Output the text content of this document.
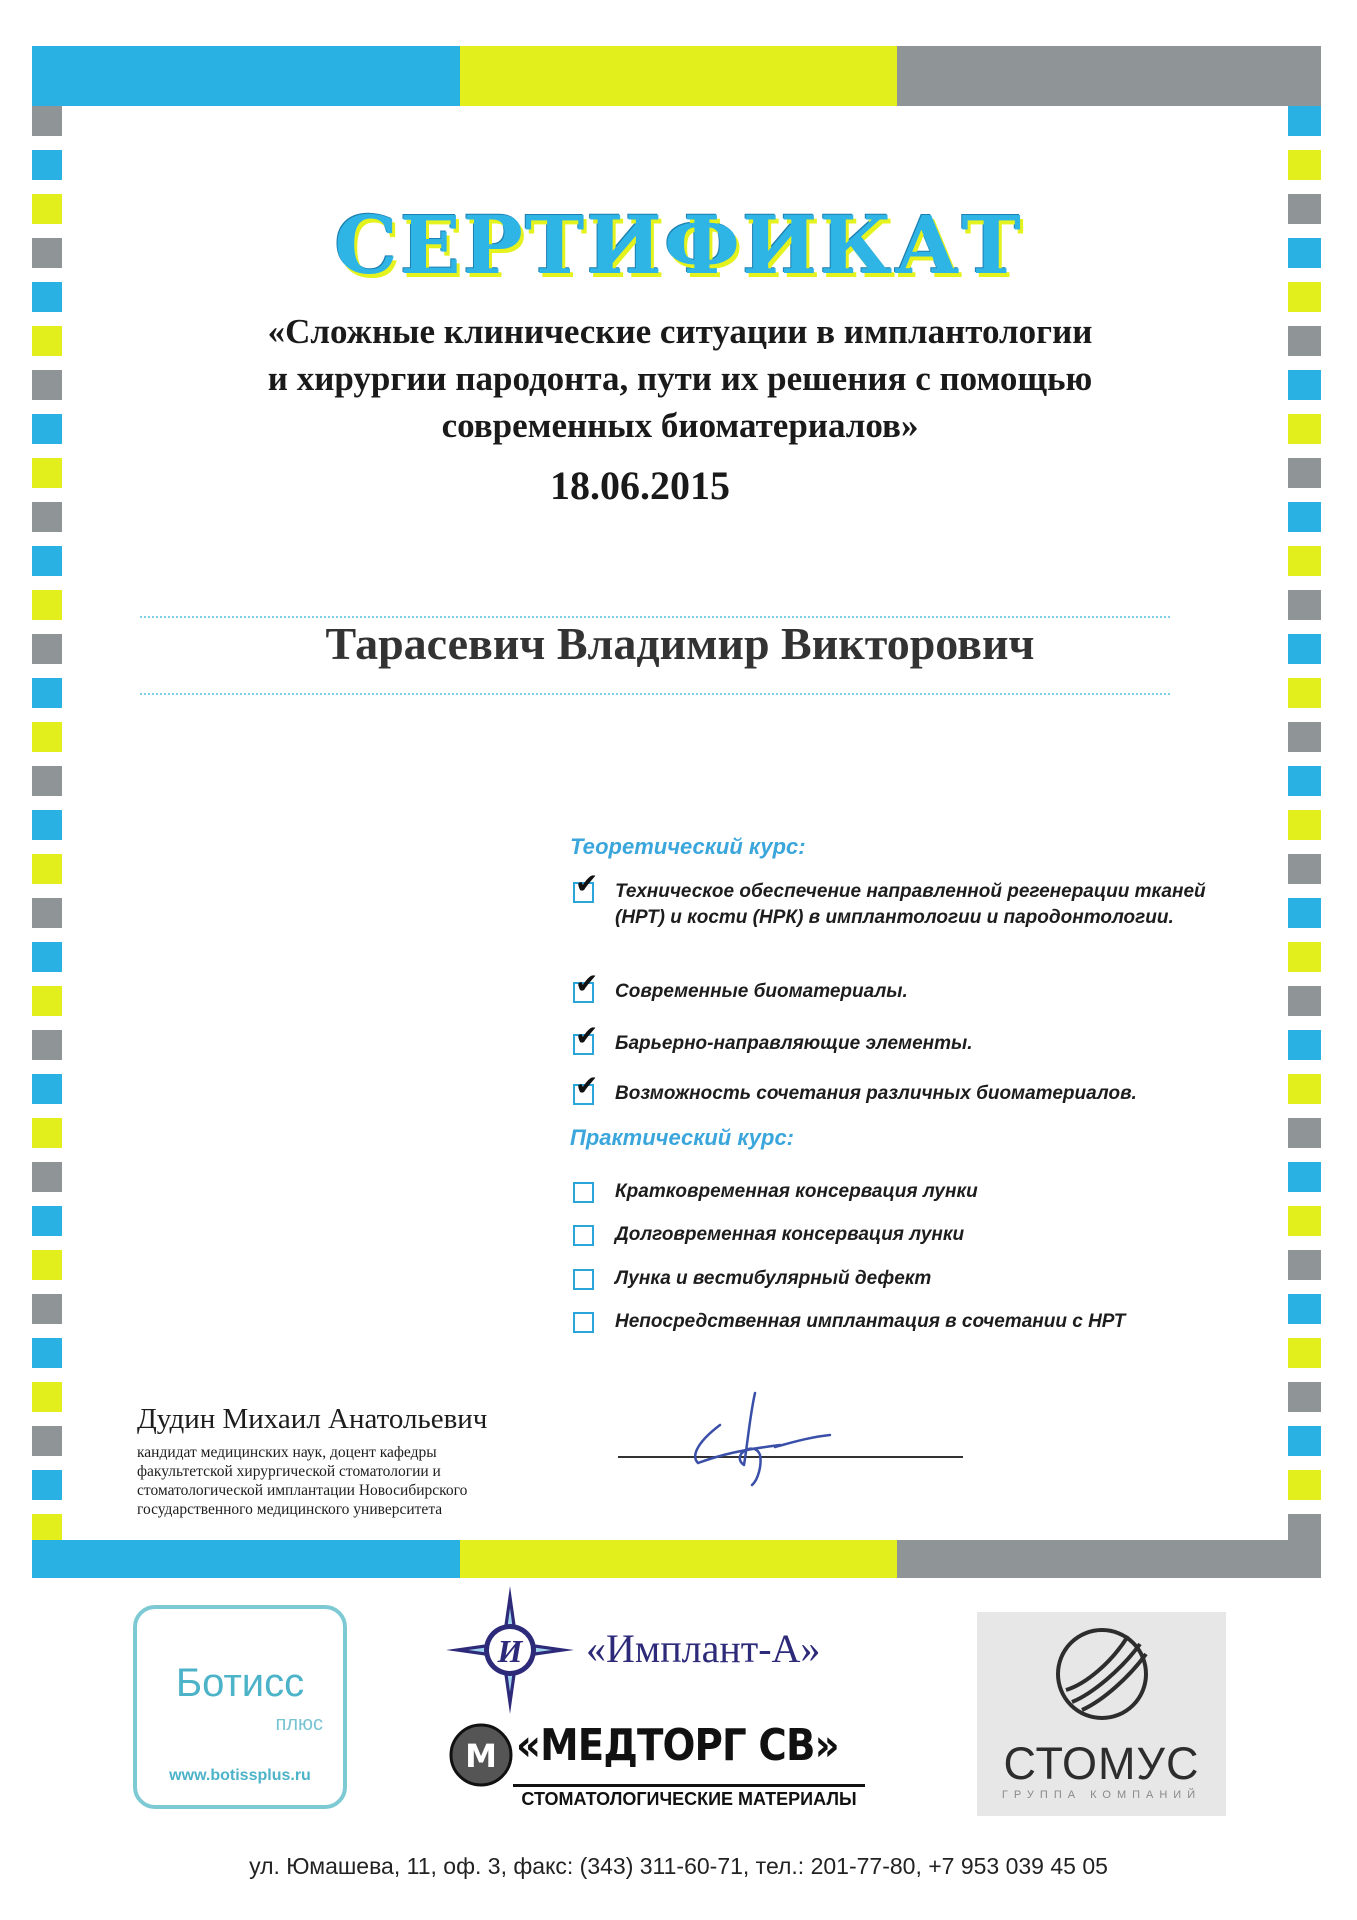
СЕРТИФИКАТ
«Сложные клинические ситуации в имплантологии
и хирургии пародонта, пути их решения с помощью
современных биоматериалов»
18.06.2015
Тарасевич Владимир Викторович
Теоретический курс:
✔ Техническое обеспечение направленной регенерации тканей (НРТ) и кости (НРК) в имплантологии и пародонтологии.
✔ Современные биоматериалы.
✔ Барьерно-направляющие элементы.
✔ Возможность сочетания различных биоматериалов.
Практический курс:
Кратковременная консервация лунки
Долговременная консервация лунки
Лунка и вестибулярный дефект
Непосредственная имплантация в сочетании с НРТ
Дудин Михаил Анатольевич
кандидат медицинских наук, доцент кафедры
факультетской хирургической стоматологии и
стоматологической имплантации Новосибирского
государственного медицинского университета
Ботисс
плюс
www.botissplus.ru
И «Имплант-А»
М «МЕДТОРГ СВ»
СТОМАТОЛОГИЧЕСКИЕ МАТЕРИАЛЫ
СТОМУС
ГРУППА КОМПАНИЙ
ул. Юмашева, 11, оф. 3, факс: (343) 311-60-71, тел.: 201-77-80, +7 953 039 45 05
